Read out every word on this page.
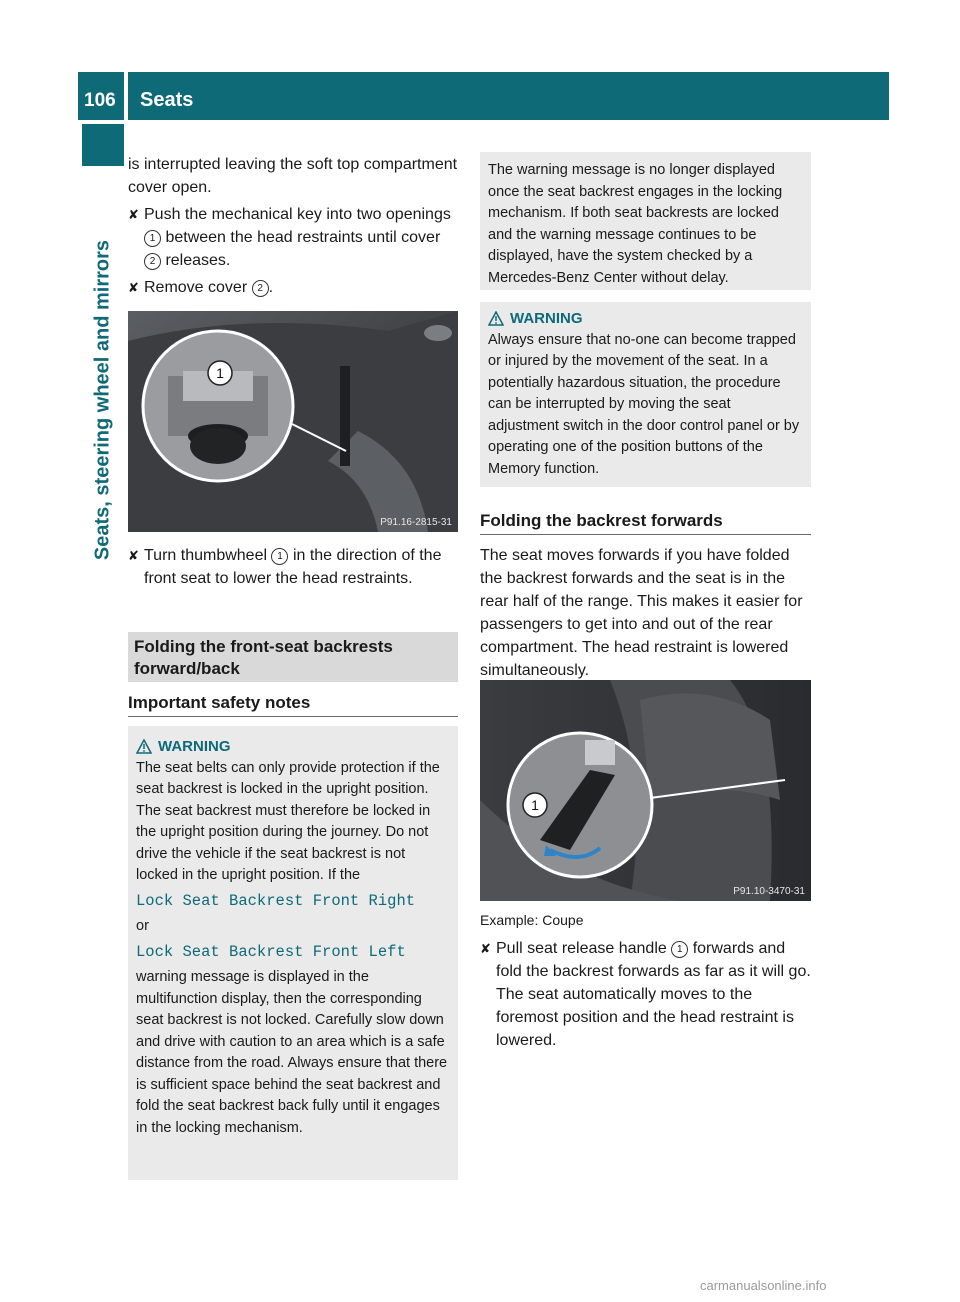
106 Seats
Seats, steering wheel and mirrors

is interrupted leaving the soft top compartment cover open.

✘ Push the mechanical key into two openings 1 between the head restraints until cover 2 releases.

✘ Remove cover 2 .

1
P91.16-2815-31

✘ Turn thumbwheel 1 in the direction of the front seat to lower the head restraints.

Folding the front-seat backrests forward/back
Important safety notes
WARNING
The seat belts can only provide protection if the seat backrest is locked in the upright position. The seat backrest must therefore be locked in the upright position during the journey. Do not drive the vehicle if the seat backrest is not locked in the upright position. If the
Lock Seat Backrest Front Right
or
Lock Seat Backrest Front Left
warning message is displayed in the multifunction display, then the corresponding seat backrest is not locked. Carefully slow down and drive with caution to an area which is a safe distance from the road. Always ensure that there is sufficient space behind the seat backrest and fold the seat backrest back fully until it engages in the locking mechanism.
The warning message is no longer displayed once the seat backrest engages in the locking mechanism. If both seat backrests are locked and the warning message continues to be displayed, have the system checked by a Mercedes-Benz Center without delay.
WARNING
Always ensure that no-one can become trapped or injured by the movement of the seat. In a potentially hazardous situation, the procedure can be interrupted by moving the seat adjustment switch in the door control panel or by operating one of the position buttons of the Memory function.
Folding the backrest forwards

The seat moves forwards if you have folded the backrest forwards and the seat is in the rear half of the range. This makes it easier for passengers to get into and out of the rear compartment. The head restraint is lowered simultaneously.

1
P91.10-3470-31
Example: Coupe

✘ Pull seat release handle 1 forwards and fold the backrest forwards as far as it will go.

The seat automatically moves to the foremost position and the head restraint is lowered.

carmanualsonline.info
